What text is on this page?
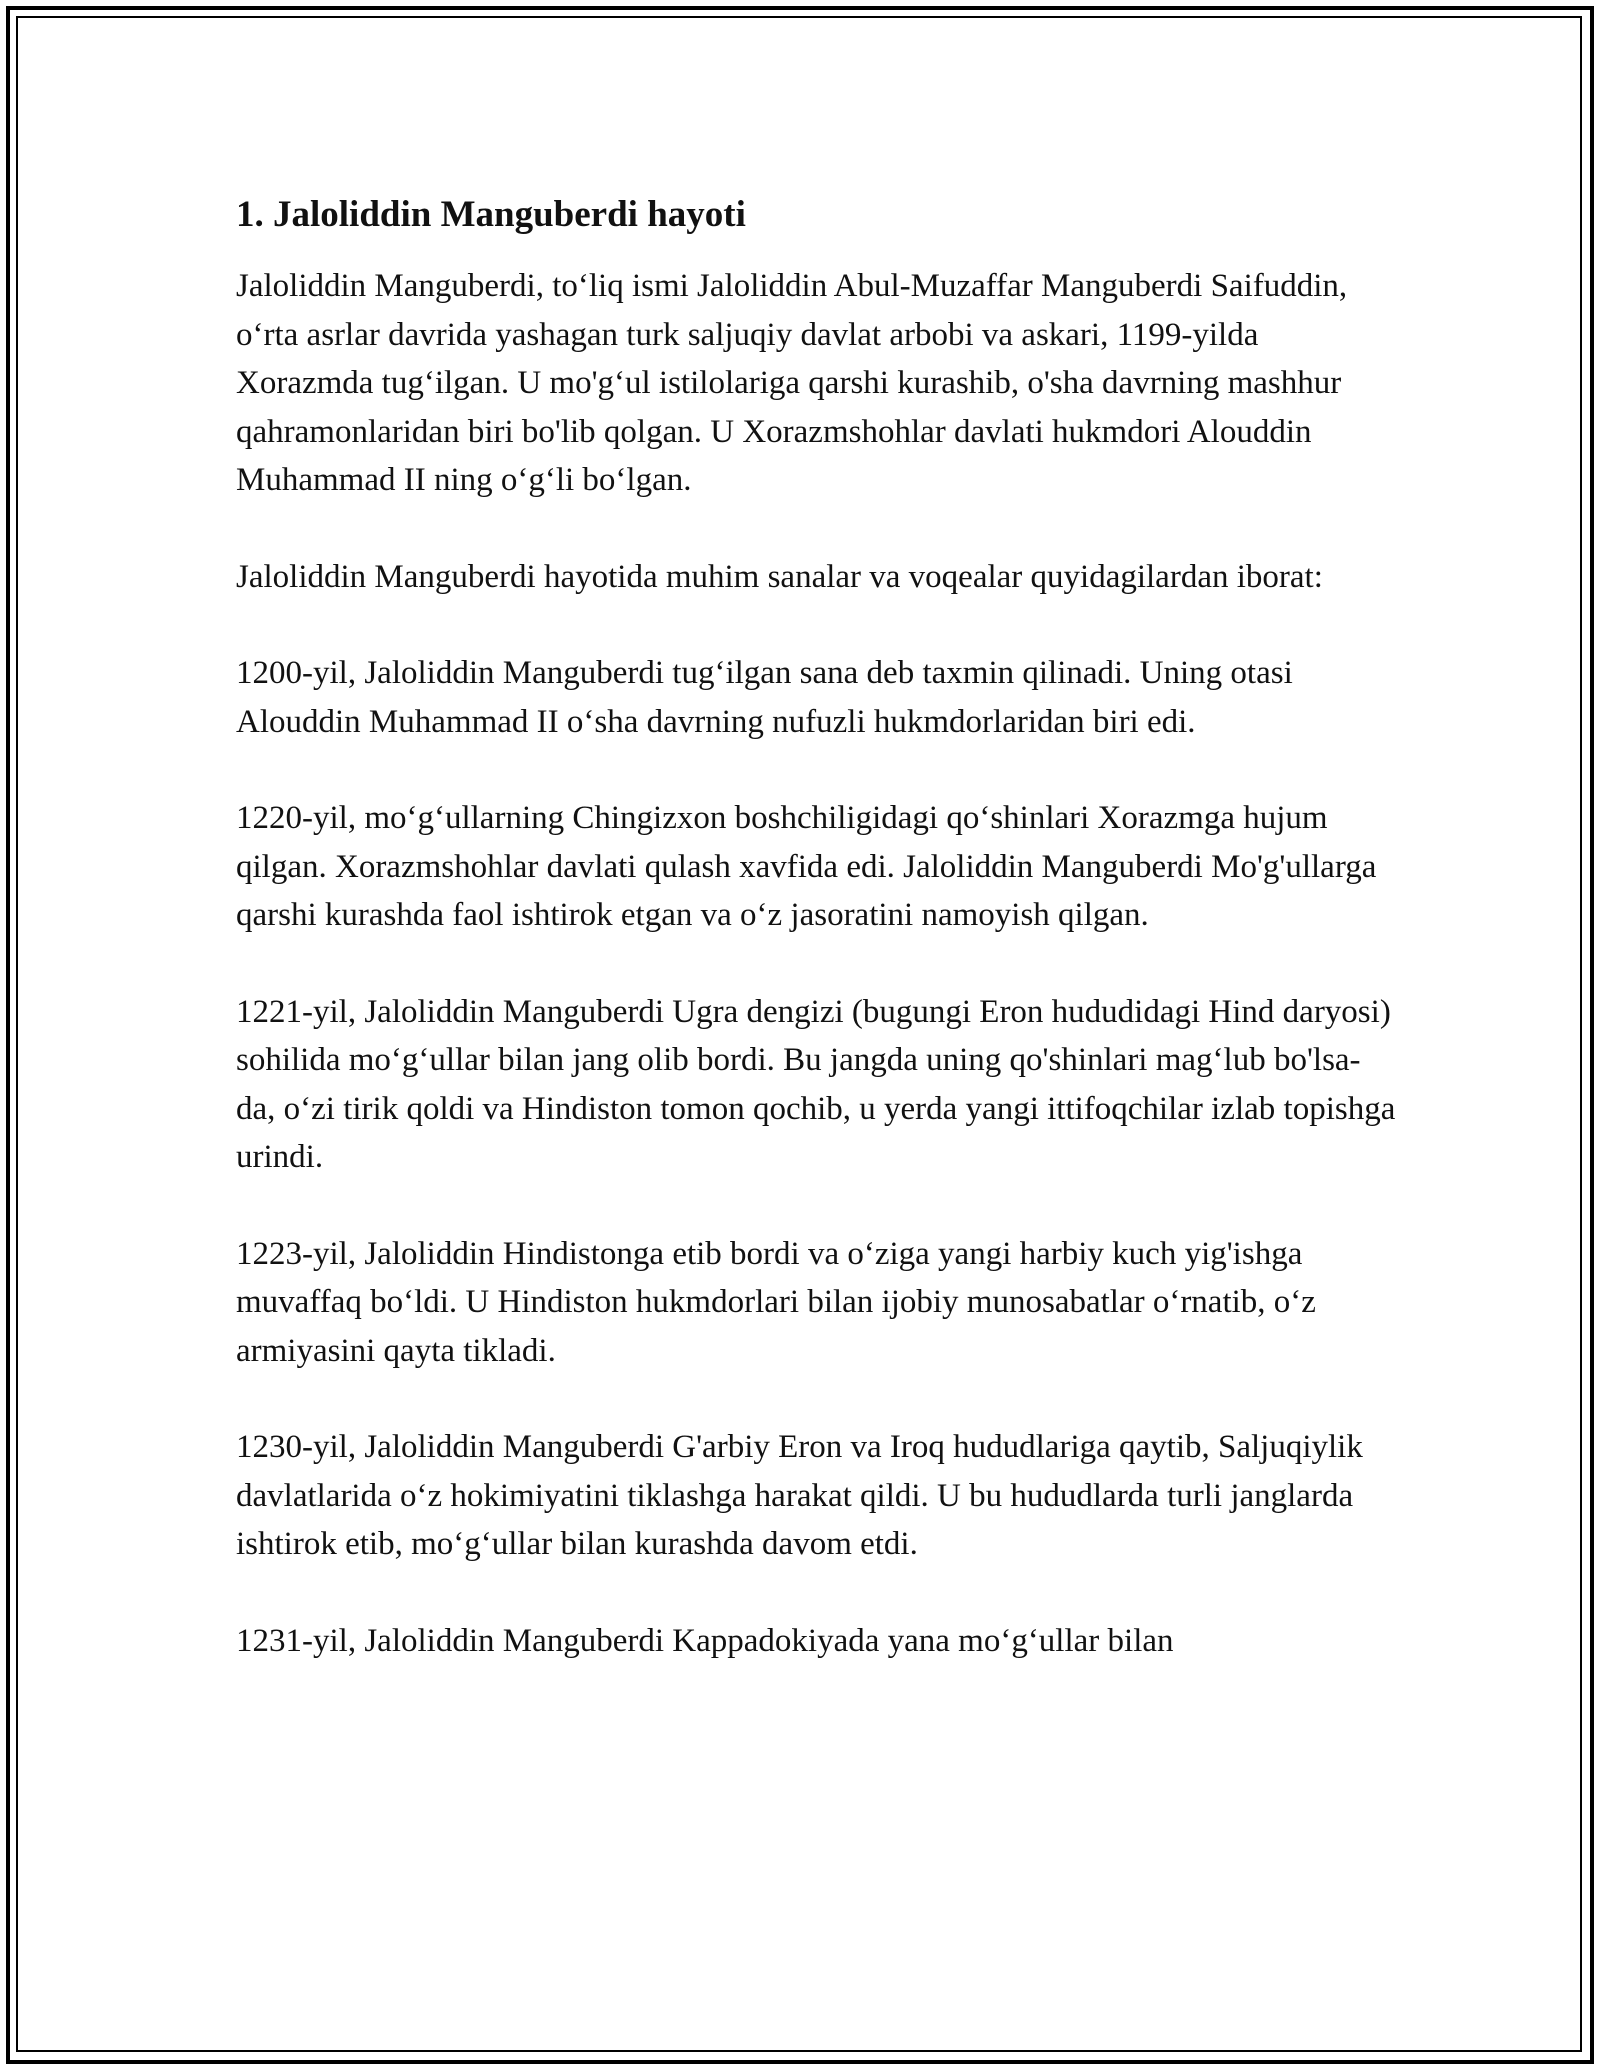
1. Jaloliddin Manguberdi hayoti

Jaloliddin Manguberdi, to‘liq ismi Jaloliddin Abul-Muzaffar Manguberdi Saifuddin, o‘rta asrlar davrida yashagan turk saljuqiy davlat arbobi va askari, 1199-yilda Xorazmda tug‘ilgan. U mo'g‘ul istilolariga qarshi kurashib, o'sha davrning mashhur qahramonlaridan biri bo'lib qolgan. U Xorazmshohlar davlati hukmdori Alouddin Muhammad II ning o‘g‘li bo‘lgan.

Jaloliddin Manguberdi hayotida muhim sanalar va voqealar quyidagilardan iborat:

1200-yil, Jaloliddin Manguberdi tug‘ilgan sana deb taxmin qilinadi. Uning otasi Alouddin Muhammad II o‘sha davrning nufuzli hukmdorlaridan biri edi.

1220-yil, mo‘g‘ullarning Chingizxon boshchiligidagi qo‘shinlari Xorazmga hujum qilgan. Xorazmshohlar davlati qulash xavfida edi. Jaloliddin Manguberdi Mo'g'ullarga qarshi kurashda faol ishtirok etgan va o‘z jasoratini namoyish qilgan.

1221-yil, Jaloliddin Manguberdi Ugra dengizi (bugungi Eron hududidagi Hind daryosi) sohilida mo‘g‘ullar bilan jang olib bordi. Bu jangda uning qo'shinlari mag‘lub bo'lsa-da, o‘zi tirik qoldi va Hindiston tomon qochib, u yerda yangi ittifoqchilar izlab topishga urindi.

1223-yil, Jaloliddin Hindistonga etib bordi va o‘ziga yangi harbiy kuch yig'ishga muvaffaq bo‘ldi. U Hindiston hukmdorlari bilan ijobiy munosabatlar o‘rnatib, o‘z armiyasini qayta tikladi.

1230-yil, Jaloliddin Manguberdi G'arbiy Eron va Iroq hududlariga qaytib, Saljuqiylik davlatlarida o‘z hokimiyatini tiklashga harakat qildi. U bu hududlarda turli janglarda ishtirok etib, mo‘g‘ullar bilan kurashda davom etdi.

1231-yil, Jaloliddin Manguberdi Kappadokiyada yana mo‘g‘ullar bilan
